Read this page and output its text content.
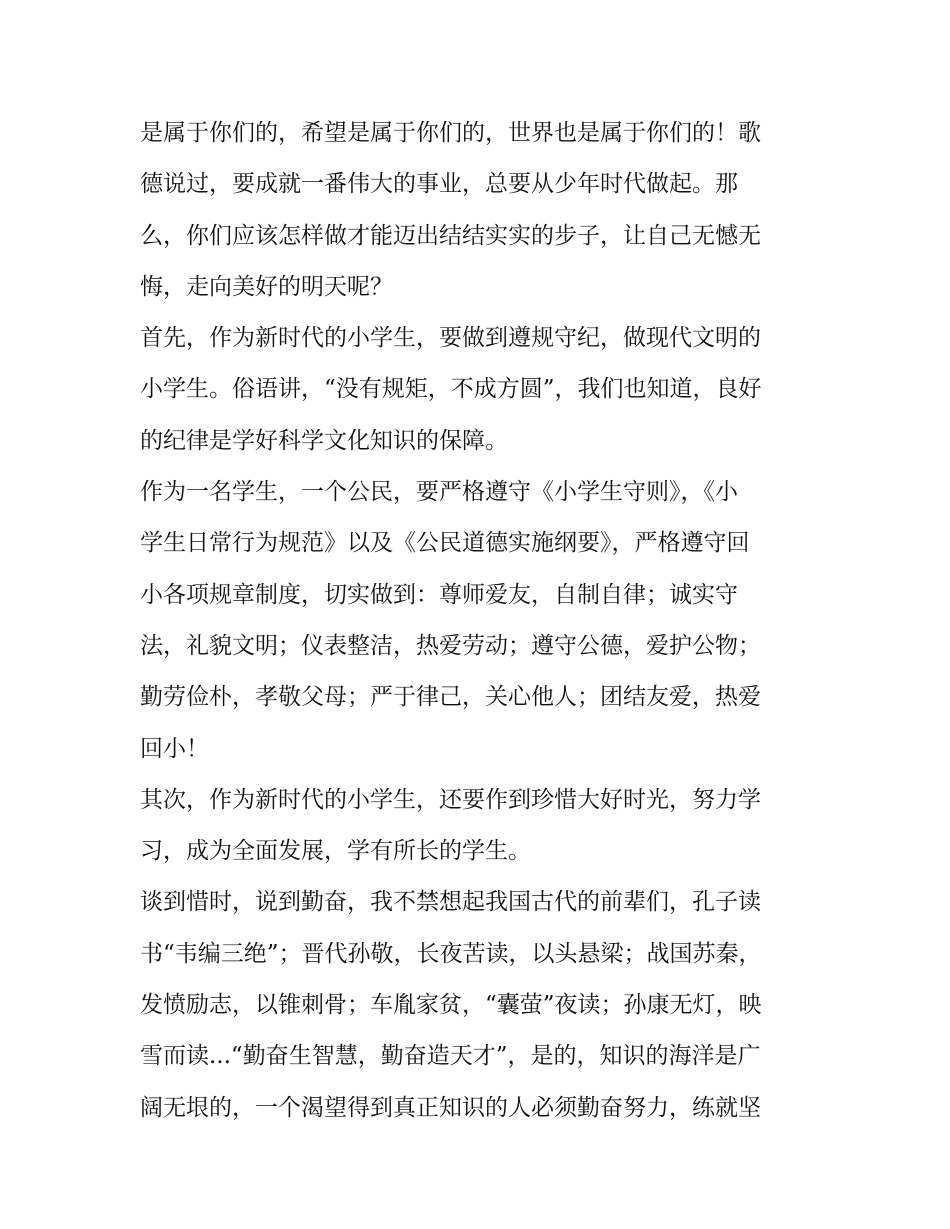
是属于你们的，希望是属于你们的，世界也是属于你们的！歌
德说过，要成就一番伟大的事业，总要从少年时代做起。那
么，你们应该怎样做才能迈出结结实实的步子，让自己无憾无
悔，走向美好的明天呢？
首先，作为新时代的小学生，要做到遵规守纪，做现代文明的
小学生。俗语讲，“没有规矩，不成方圆”，我们也知道，良好
的纪律是学好科学文化知识的保障。
作为一名学生，一个公民，要严格遵守《小学生守则》，《小
学生日常行为规范》以及《公民道德实施纲要》，严格遵守回
小各项规章制度，切实做到：尊师爱友，自制自律；诚实守
法，礼貌文明；仪表整洁，热爱劳动；遵守公德，爱护公物；
勤劳俭朴，孝敬父母；严于律己，关心他人；团结友爱，热爱
回小！
其次，作为新时代的小学生，还要作到珍惜大好时光，努力学
习，成为全面发展，学有所长的学生。
谈到惜时，说到勤奋，我不禁想起我国古代的前辈们，孔子读
书“韦编三绝”；晋代孙敬，长夜苦读，以头悬梁；战国苏秦，
发愤励志，以锥刺骨；车胤家贫，“囊萤”夜读；孙康无灯，映
雪而读...“勤奋生智慧，勤奋造天才”，是的，知识的海洋是广
阔无垠的，一个渴望得到真正知识的人必须勤奋努力，练就坚
